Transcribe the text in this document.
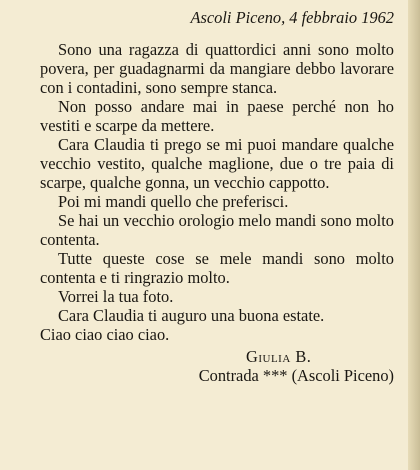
Ascoli Piceno, 4 febbraio 1962

Sono una ragazza di quattordici anni sono molto povera, per guadagnarmi da mangiare debbo lavorare con i contadini, sono sempre stanca.

Non posso andare mai in paese perché non ho vestiti e scarpe da mettere.

Cara Claudia ti prego se mi puoi mandare qualche vecchio vestito, qualche maglione, due o tre paia di scarpe, qualche gonna, un vecchio cappotto.

Poi mi mandi quello che preferisci.

Se hai un vecchio orologio melo mandi sono molto contenta.

Tutte queste cose se mele mandi sono molto contenta e ti ringrazio molto.

Vorrei la tua foto.

Cara Claudia ti auguro una buona estate.

Ciao ciao ciao ciao.

Giulia B.

Contrada *** (Ascoli Piceno)
